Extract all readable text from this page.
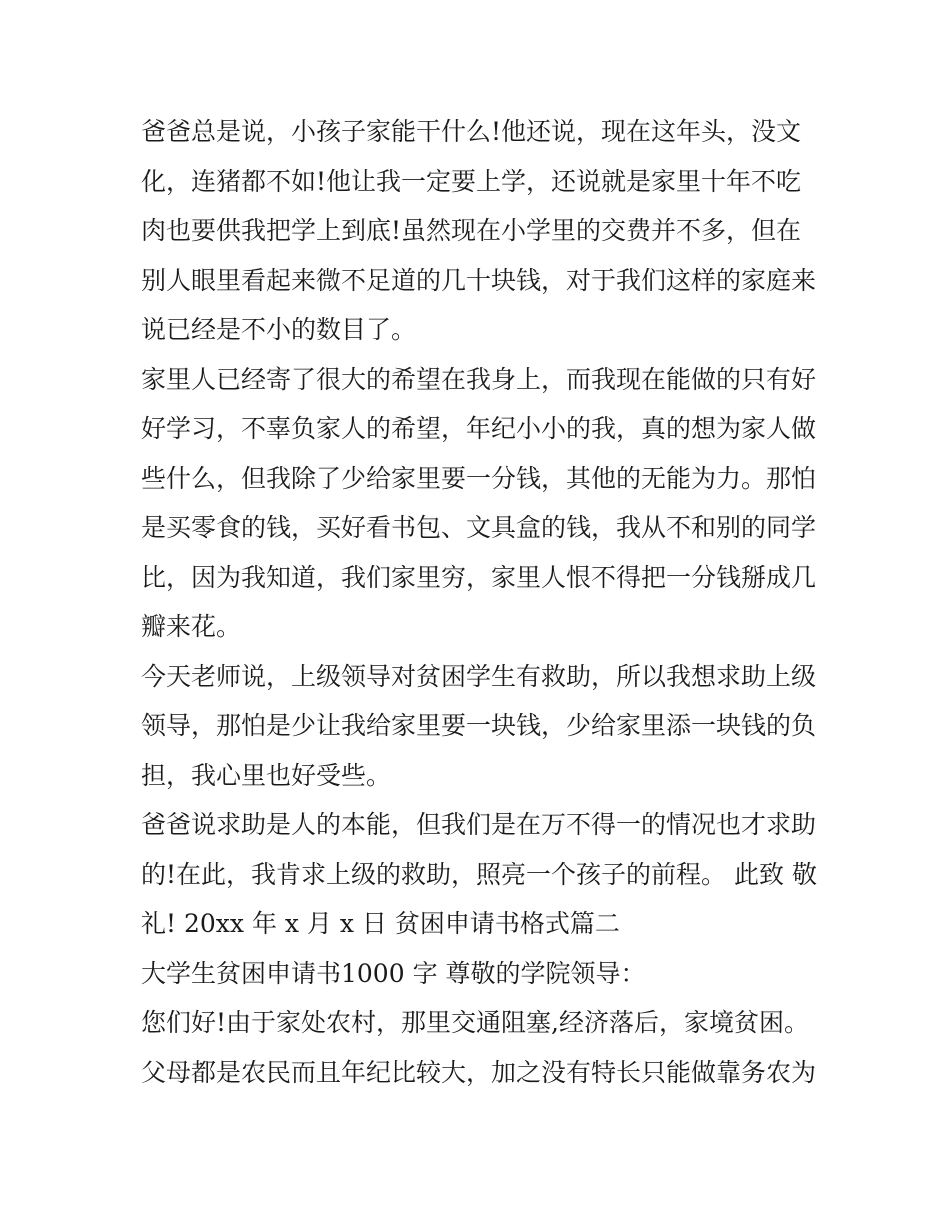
爸爸总是说，小孩子家能干什么!他还说，现在这年头，没文
化，连猪都不如!他让我一定要上学，还说就是家里十年不吃
肉也要供我把学上到底!虽然现在小学里的交费并不多，但在
别人眼里看起来微不足道的几十块钱，对于我们这样的家庭来
说已经是不小的数目了。
家里人已经寄了很大的希望在我身上，而我现在能做的只有好
好学习，不辜负家人的希望，年纪小小的我，真的想为家人做
些什么，但我除了少给家里要一分钱，其他的无能为力。那怕
是买零食的钱，买好看书包、文具盒的钱，我从不和别的同学
比，因为我知道，我们家里穷，家里人恨不得把一分钱掰成几
瓣来花。
今天老师说，上级领导对贫困学生有救助，所以我想求助上级
领导，那怕是少让我给家里要一块钱，少给家里添一块钱的负
担，我心里也好受些。
爸爸说求助是人的本能，但我们是在万不得一的情况也才求助
的!在此，我肯求上级的救助，照亮一个孩子的前程。 此致 敬
礼! 20xx 年 x 月 x 日 贫困申请书格式篇二
大学生贫困申请书1000 字 尊敬的学院领导：
您们好!由于家处农村，那里交通阻塞,经济落后，家境贫困。
父母都是农民而且年纪比较大，加之没有特长只能做靠务农为
